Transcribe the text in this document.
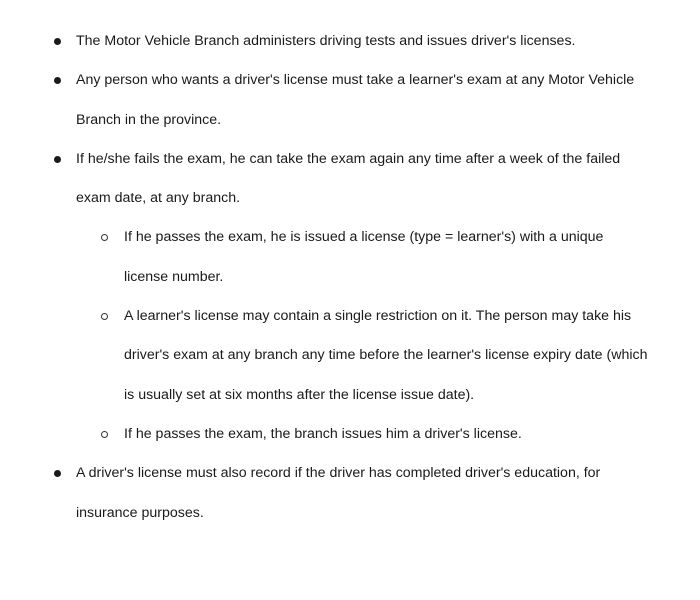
The Motor Vehicle Branch administers driving tests and issues driver's licenses.
Any person who wants a driver's license must take a learner's exam at any Motor Vehicle Branch in the province.
If he/she fails the exam, he can take the exam again any time after a week of the failed exam date, at any branch.
If he passes the exam, he is issued a license (type = learner's) with a unique license number.
A learner's license may contain a single restriction on it. The person may take his driver's exam at any branch any time before the learner's license expiry date (which is usually set at six months after the license issue date).
If he passes the exam, the branch issues him a driver's license.
A driver's license must also record if the driver has completed driver's education, for insurance purposes.
